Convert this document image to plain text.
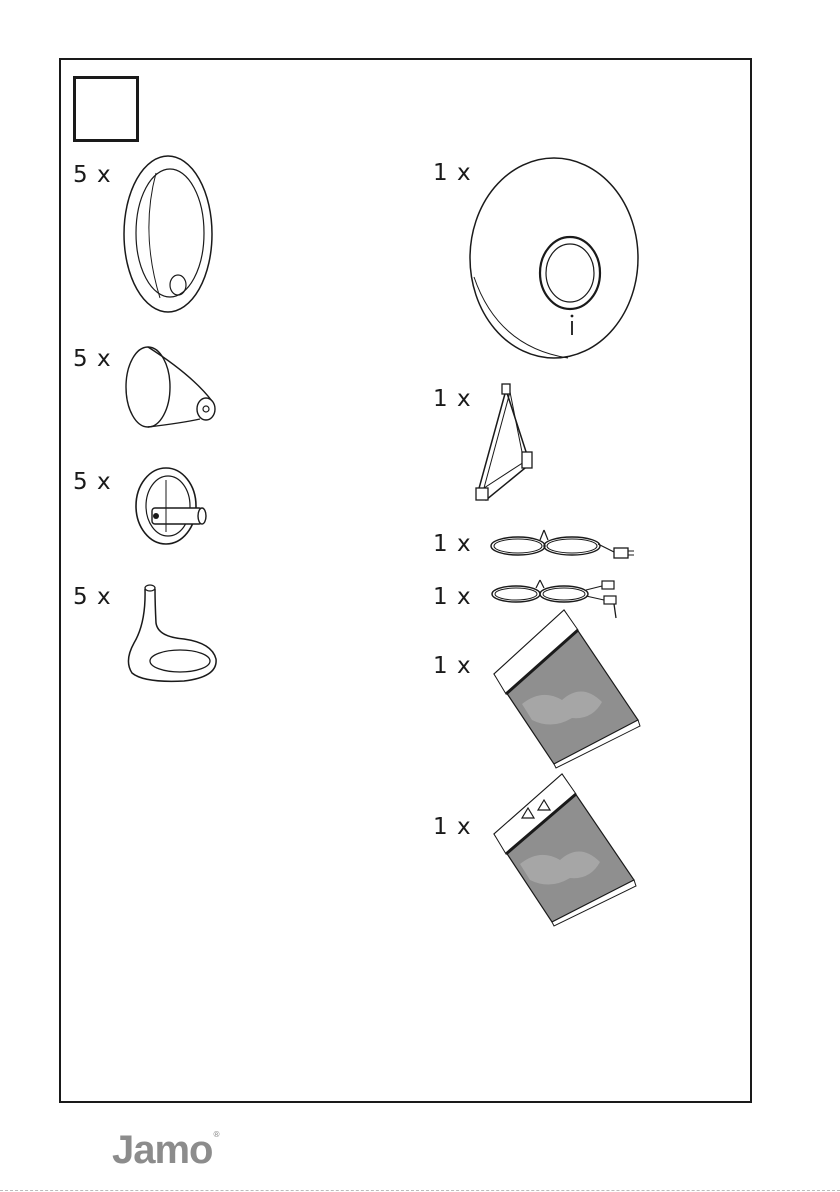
5 x
5 x
5 x
5 x
1 x
1 x
1 x
1 x
1 x
1 x
Jamo®
